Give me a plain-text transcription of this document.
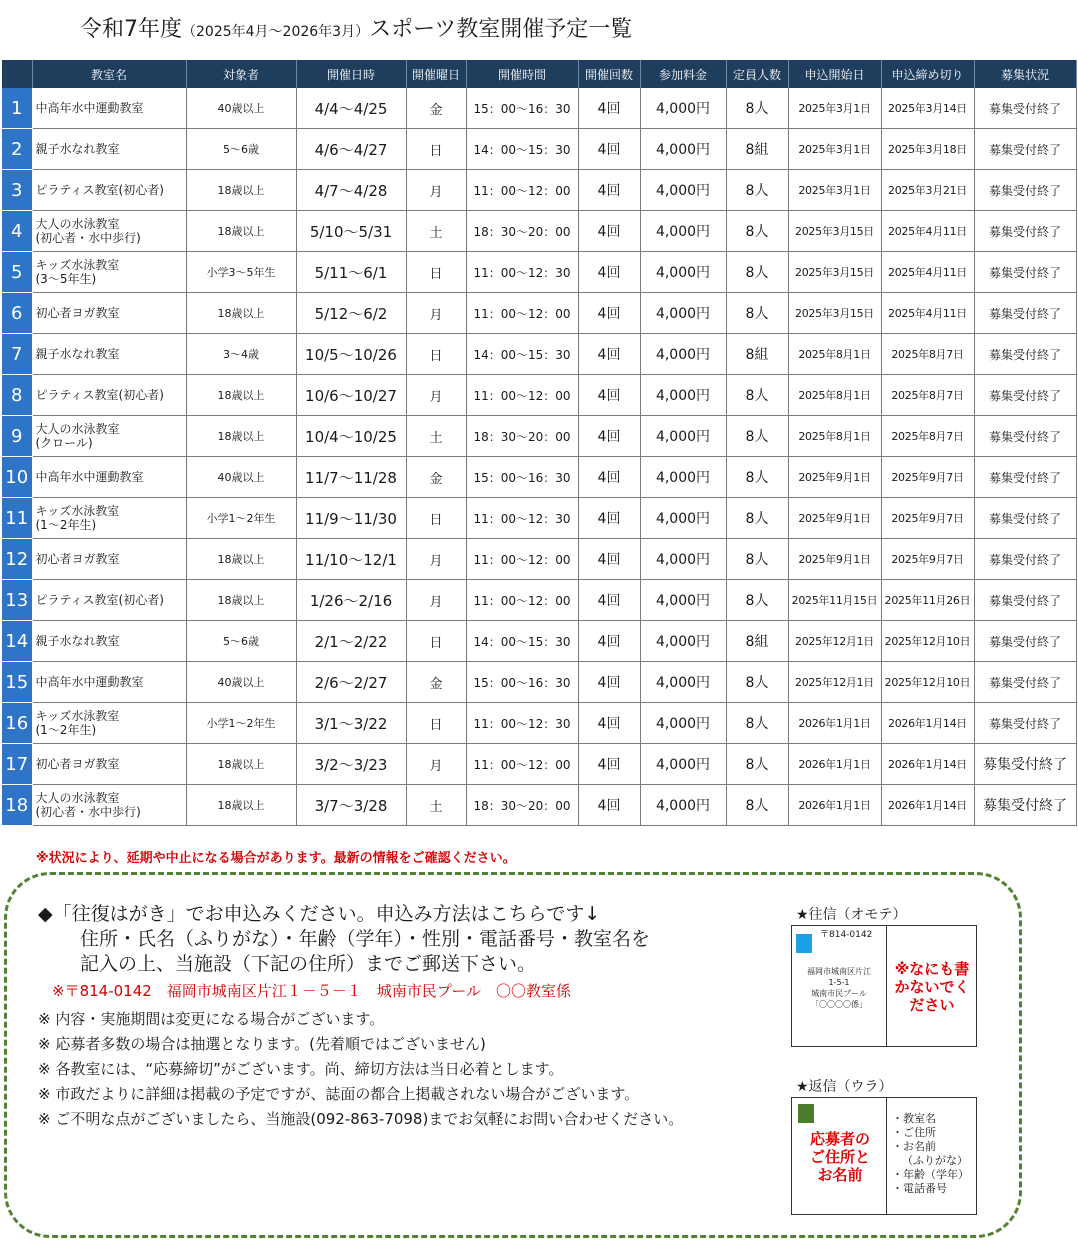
令和7年度（2025年4月～2026年3月）スポーツ教室開催予定一覧
	教室名	対象者	開催日時	開催曜日	開催時間	開催回数	参加料金	定員人数	申込開始日	申込締め切り	募集状況
1	中高年水中運動教室	40歳以上	4/4～4/25	金	15：00～16：30	4回	4,000円	8人	2025年3月1日	2025年3月14日	募集受付終了
2	親子水なれ教室	5～6歳	4/6～4/27	日	14：00～15：30	4回	4,000円	8組	2025年3月1日	2025年3月18日	募集受付終了
3	ピラティス教室(初心者)	18歳以上	4/7～4/28	月	11：00～12：00	4回	4,000円	8人	2025年3月1日	2025年3月21日	募集受付終了
4	大人の水泳教室
(初心者・水中歩行)	18歳以上	5/10～5/31	土	18：30～20：00	4回	4,000円	8人	2025年3月15日	2025年4月11日	募集受付終了
5	キッズ水泳教室
(3～5年生)	小学3～5年生	5/11～6/1	日	11：00～12：30	4回	4,000円	8人	2025年3月15日	2025年4月11日	募集受付終了
6	初心者ヨガ教室	18歳以上	5/12～6/2	月	11：00～12：00	4回	4,000円	8人	2025年3月15日	2025年4月11日	募集受付終了
7	親子水なれ教室	3～4歳	10/5～10/26	日	14：00～15：30	4回	4,000円	8組	2025年8月1日	2025年8月7日	募集受付終了
8	ピラティス教室(初心者)	18歳以上	10/6～10/27	月	11：00～12：00	4回	4,000円	8人	2025年8月1日	2025年8月7日	募集受付終了
9	大人の水泳教室
(クロール)	18歳以上	10/4～10/25	土	18：30～20：00	4回	4,000円	8人	2025年8月1日	2025年8月7日	募集受付終了
10	中高年水中運動教室	40歳以上	11/7～11/28	金	15：00～16：30	4回	4,000円	8人	2025年9月1日	2025年9月7日	募集受付終了
11	キッズ水泳教室
(1～2年生)	小学1～2年生	11/9～11/30	日	11：00～12：30	4回	4,000円	8人	2025年9月1日	2025年9月7日	募集受付終了
12	初心者ヨガ教室	18歳以上	11/10～12/1	月	11：00～12：00	4回	4,000円	8人	2025年9月1日	2025年9月7日	募集受付終了
13	ピラティス教室(初心者)	18歳以上	1/26～2/16	月	11：00～12：00	4回	4,000円	8人	2025年11月15日	2025年11月26日	募集受付終了
14	親子水なれ教室	5～6歳	2/1～2/22	日	14：00～15：30	4回	4,000円	8組	2025年12月1日	2025年12月10日	募集受付終了
15	中高年水中運動教室	40歳以上	2/6～2/27	金	15：00～16：30	4回	4,000円	8人	2025年12月1日	2025年12月10日	募集受付終了
16	キッズ水泳教室
(1～2年生)	小学1～2年生	3/1～3/22	日	11：00～12：30	4回	4,000円	8人	2026年1月1日	2026年1月14日	募集受付終了
17	初心者ヨガ教室	18歳以上	3/2～3/23	月	11：00～12：00	4回	4,000円	8人	2026年1月1日	2026年1月14日	募集受付終了
18	大人の水泳教室
(初心者・水中歩行)	18歳以上	3/7～3/28	土	18：30～20：00	4回	4,000円	8人	2026年1月1日	2026年1月14日	募集受付終了
※状況により、延期や中止になる場合があります。最新の情報をご確認ください。
◆「往復はがき」でお申込みください。申込み方法はこちらです↓
住所・氏名（ふりがな）・年齢（学年）・性別・電話番号・教室名を
記入の上、当施設（下記の住所）までご郵送下さい。
※〒814-0142　福岡市城南区片江１－５－１　城南市民プール　〇〇教室係
※ 内容・実施期間は変更になる場合がございます。
※ 応募者多数の場合は抽選となります。(先着順ではございません)
※ 各教室には、“応募締切”がございます。尚、締切方法は当日必着とします。
※ 市政だよりに詳細は掲載の予定ですが、誌面の都合上掲載されない場合がございます。
※ ご不明な点がございましたら、当施設(092-863-7098)までお気軽にお問い合わせください。
★往信（オモテ）
〒814-0142
福岡市城南区片江
1-5-1
城南市民プール
「〇〇〇〇係」
※なにも書
かないでく
ださい
★返信（ウラ）
応募者の
ご住所と
お名前
・教室名
・ご住所
・お名前
（ふりがな）
・年齢（学年）
・電話番号
